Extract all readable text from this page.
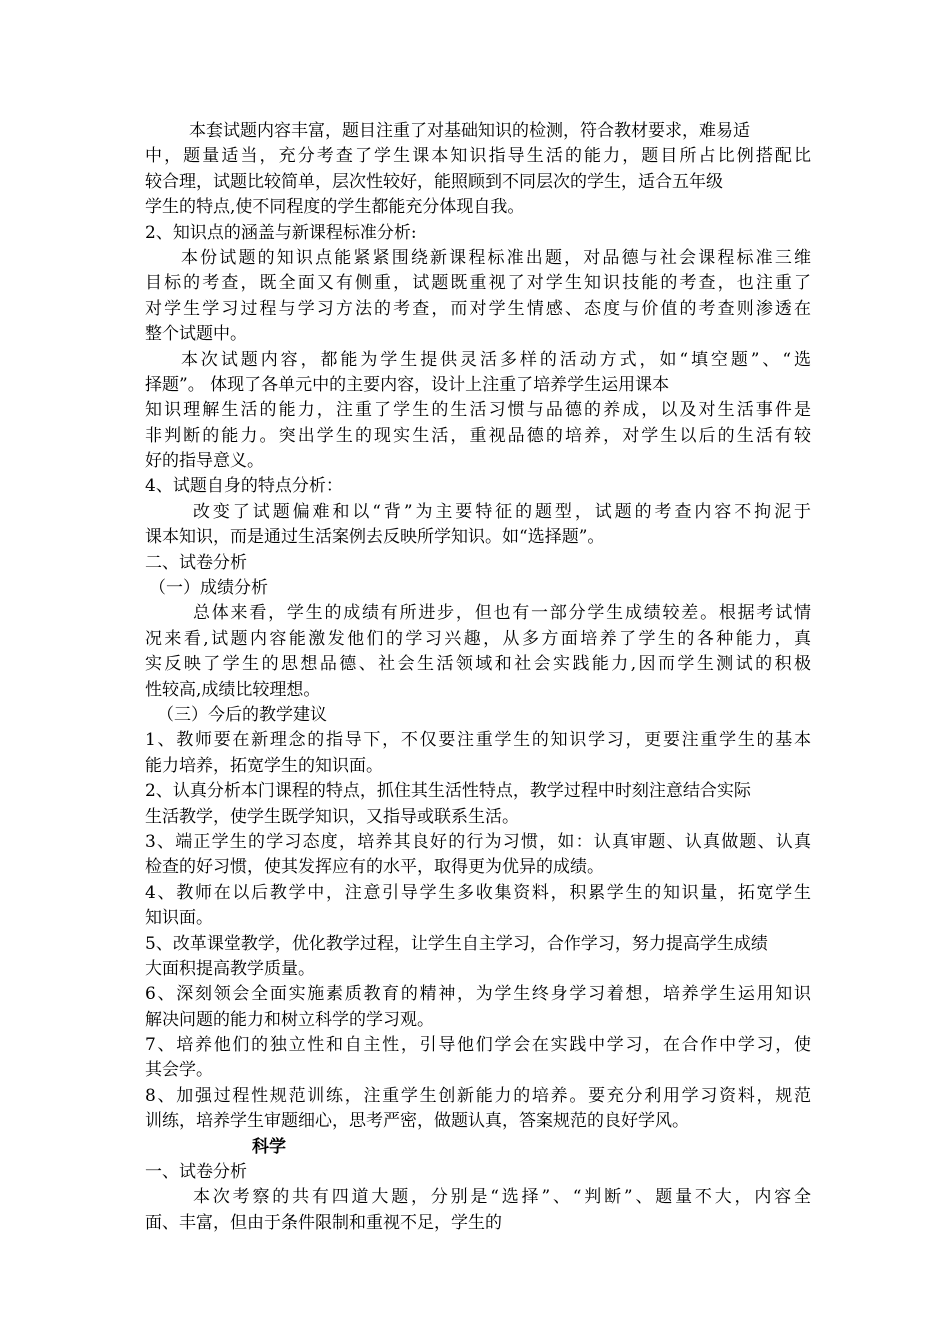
本套试题内容丰富，题目注重了对基础知识的检测，符合教材要求，难易适
中，题量适当，充分考查了学生课本知识指导生活的能力，题目所占比例搭配比
较合理，试题比较简单，层次性较好，能照顾到不同层次的学生，适合五年级
学生的特点,使不同程度的学生都能充分体现自我。
2、知识点的涵盖与新课程标准分析:
本份试题的知识点能紧紧围绕新课程标准出题，对品德与社会课程标准三维
目标的考查，既全面又有侧重，试题既重视了对学生知识技能的考查，也注重了
对学生学习过程与学习方法的考查，而对学生情感、态度与价值的考查则渗透在
整个试题中。
本次试题内容，都能为学生提供灵活多样的活动方式，如“填空题”、“选
择题”。 体现了各单元中的主要内容，设计上注重了培养学生运用课本
知识理解生活的能力，注重了学生的生活习惯与品德的养成，以及对生活事件是
非判断的能力。突出学生的现实生活，重视品德的培养，对学生以后的生活有较
好的指导意义。
4、试题自身的特点分析：
改变了试题偏难和以“背”为主要特征的题型，试题的考查内容不拘泥于
课本知识，而是通过生活案例去反映所学知识。如“选择题”。
二、试卷分析
（一）成绩分析
总体来看，学生的成绩有所进步，但也有一部分学生成绩较差。根据考试情
况来看,试题内容能激发他们的学习兴趣，从多方面培养了学生的各种能力，真
实反映了学生的思想品德、社会生活领域和社会实践能力,因而学生测试的积极
性较高,成绩比较理想。
（三）今后的教学建议
1、教师要在新理念的指导下，不仅要注重学生的知识学习，更要注重学生的基本
能力培养，拓宽学生的知识面。
2、认真分析本门课程的特点，抓住其生活性特点，教学过程中时刻注意结合实际
生活教学，使学生既学知识，又指导或联系生活。
3、端正学生的学习态度，培养其良好的行为习惯，如：认真审题、认真做题、认真
检查的好习惯，使其发挥应有的水平，取得更为优异的成绩。
4、教师在以后教学中，注意引导学生多收集资料，积累学生的知识量，拓宽学生
知识面。
5、改革课堂教学，优化教学过程，让学生自主学习，合作学习，努力提高学生成绩
大面积提高教学质量。
6、深刻领会全面实施素质教育的精神，为学生终身学习着想，培养学生运用知识
解决问题的能力和树立科学的学习观。
7、培养他们的独立性和自主性，引导他们学会在实践中学习，在合作中学习，使
其会学。
8、加强过程性规范训练，注重学生创新能力的培养。要充分利用学习资料，规范
训练，培养学生审题细心，思考严密，做题认真，答案规范的良好学风。
科学
一、试卷分析
本次考察的共有四道大题，分别是“选择”、“判断”、题量不大，内容全
面、丰富，但由于条件限制和重视不足，学生的
